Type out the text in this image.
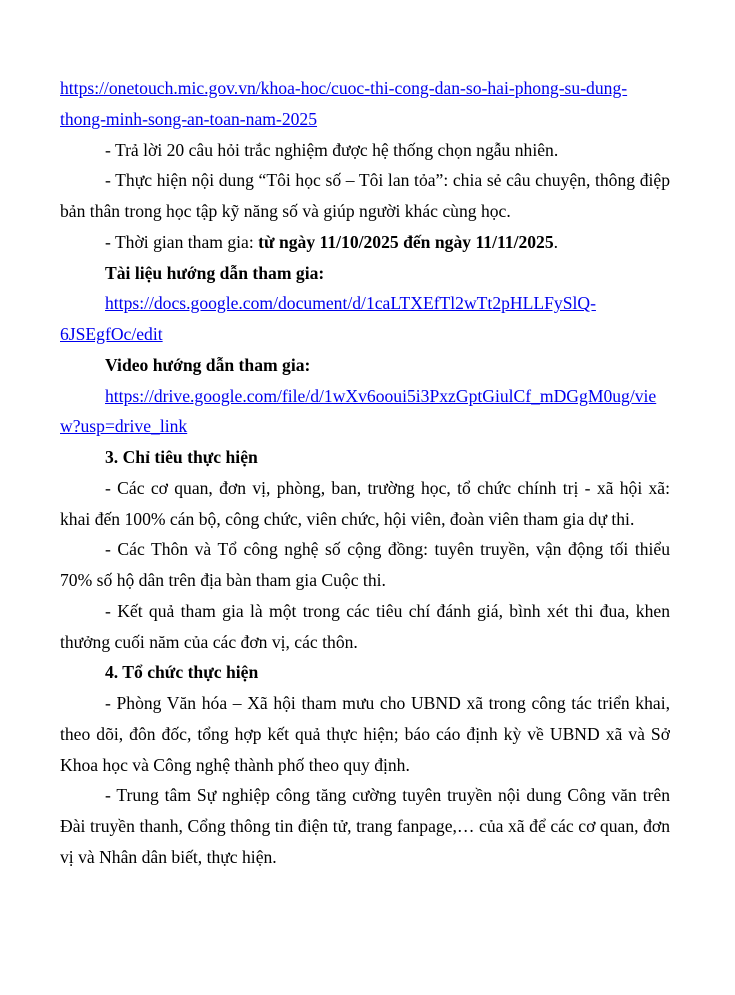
https://onetouch.mic.gov.vn/khoa-hoc/cuoc-thi-cong-dan-so-hai-phong-su-dung-
thong-minh-song-an-toan-nam-2025
- Trả lời 20 câu hỏi trắc nghiệm được hệ thống chọn ngẫu nhiên.
- Thực hiện nội dung “Tôi học số – Tôi lan tỏa”: chia sẻ câu chuyện, thông điệp
bản thân trong học tập kỹ năng số và giúp người khác cùng học.
- Thời gian tham gia: từ ngày 11/10/2025 đến ngày 11/11/2025.
Tài liệu hướng dẫn tham gia:
https://docs.google.com/document/d/1caLTXEfTl2wTt2pHLLFySlQ-
6JSEgfOc/edit
Video hướng dẫn tham gia:
https://drive.google.com/file/d/1wXv6ooui5i3PxzGptGiulCf_mDGgM0ug/vie
w?usp=drive_link
3. Chỉ tiêu thực hiện
- Các cơ quan, đơn vị, phòng, ban, trường học, tổ chức chính trị - xã hội xã:
khai đến 100% cán bộ, công chức, viên chức, hội viên, đoàn viên tham gia dự thi.
- Các Thôn và Tổ công nghệ số cộng đồng: tuyên truyền, vận động tối thiểu
70% số hộ dân trên địa bàn tham gia Cuộc thi.
- Kết quả tham gia là một trong các tiêu chí đánh giá, bình xét thi đua, khen
thưởng cuối năm của các đơn vị, các thôn.
4. Tổ chức thực hiện
- Phòng Văn hóa – Xã hội tham mưu cho UBND xã trong công tác triển khai,
theo dõi, đôn đốc, tổng hợp kết quả thực hiện; báo cáo định kỳ về UBND xã và Sở
Khoa học và Công nghệ thành phố theo quy định.
- Trung tâm Sự nghiệp công tăng cường tuyên truyền nội dung Công văn trên
Đài truyền thanh, Cổng thông tin điện tử, trang fanpage,… của xã để các cơ quan, đơn
vị và Nhân dân biết, thực hiện.
